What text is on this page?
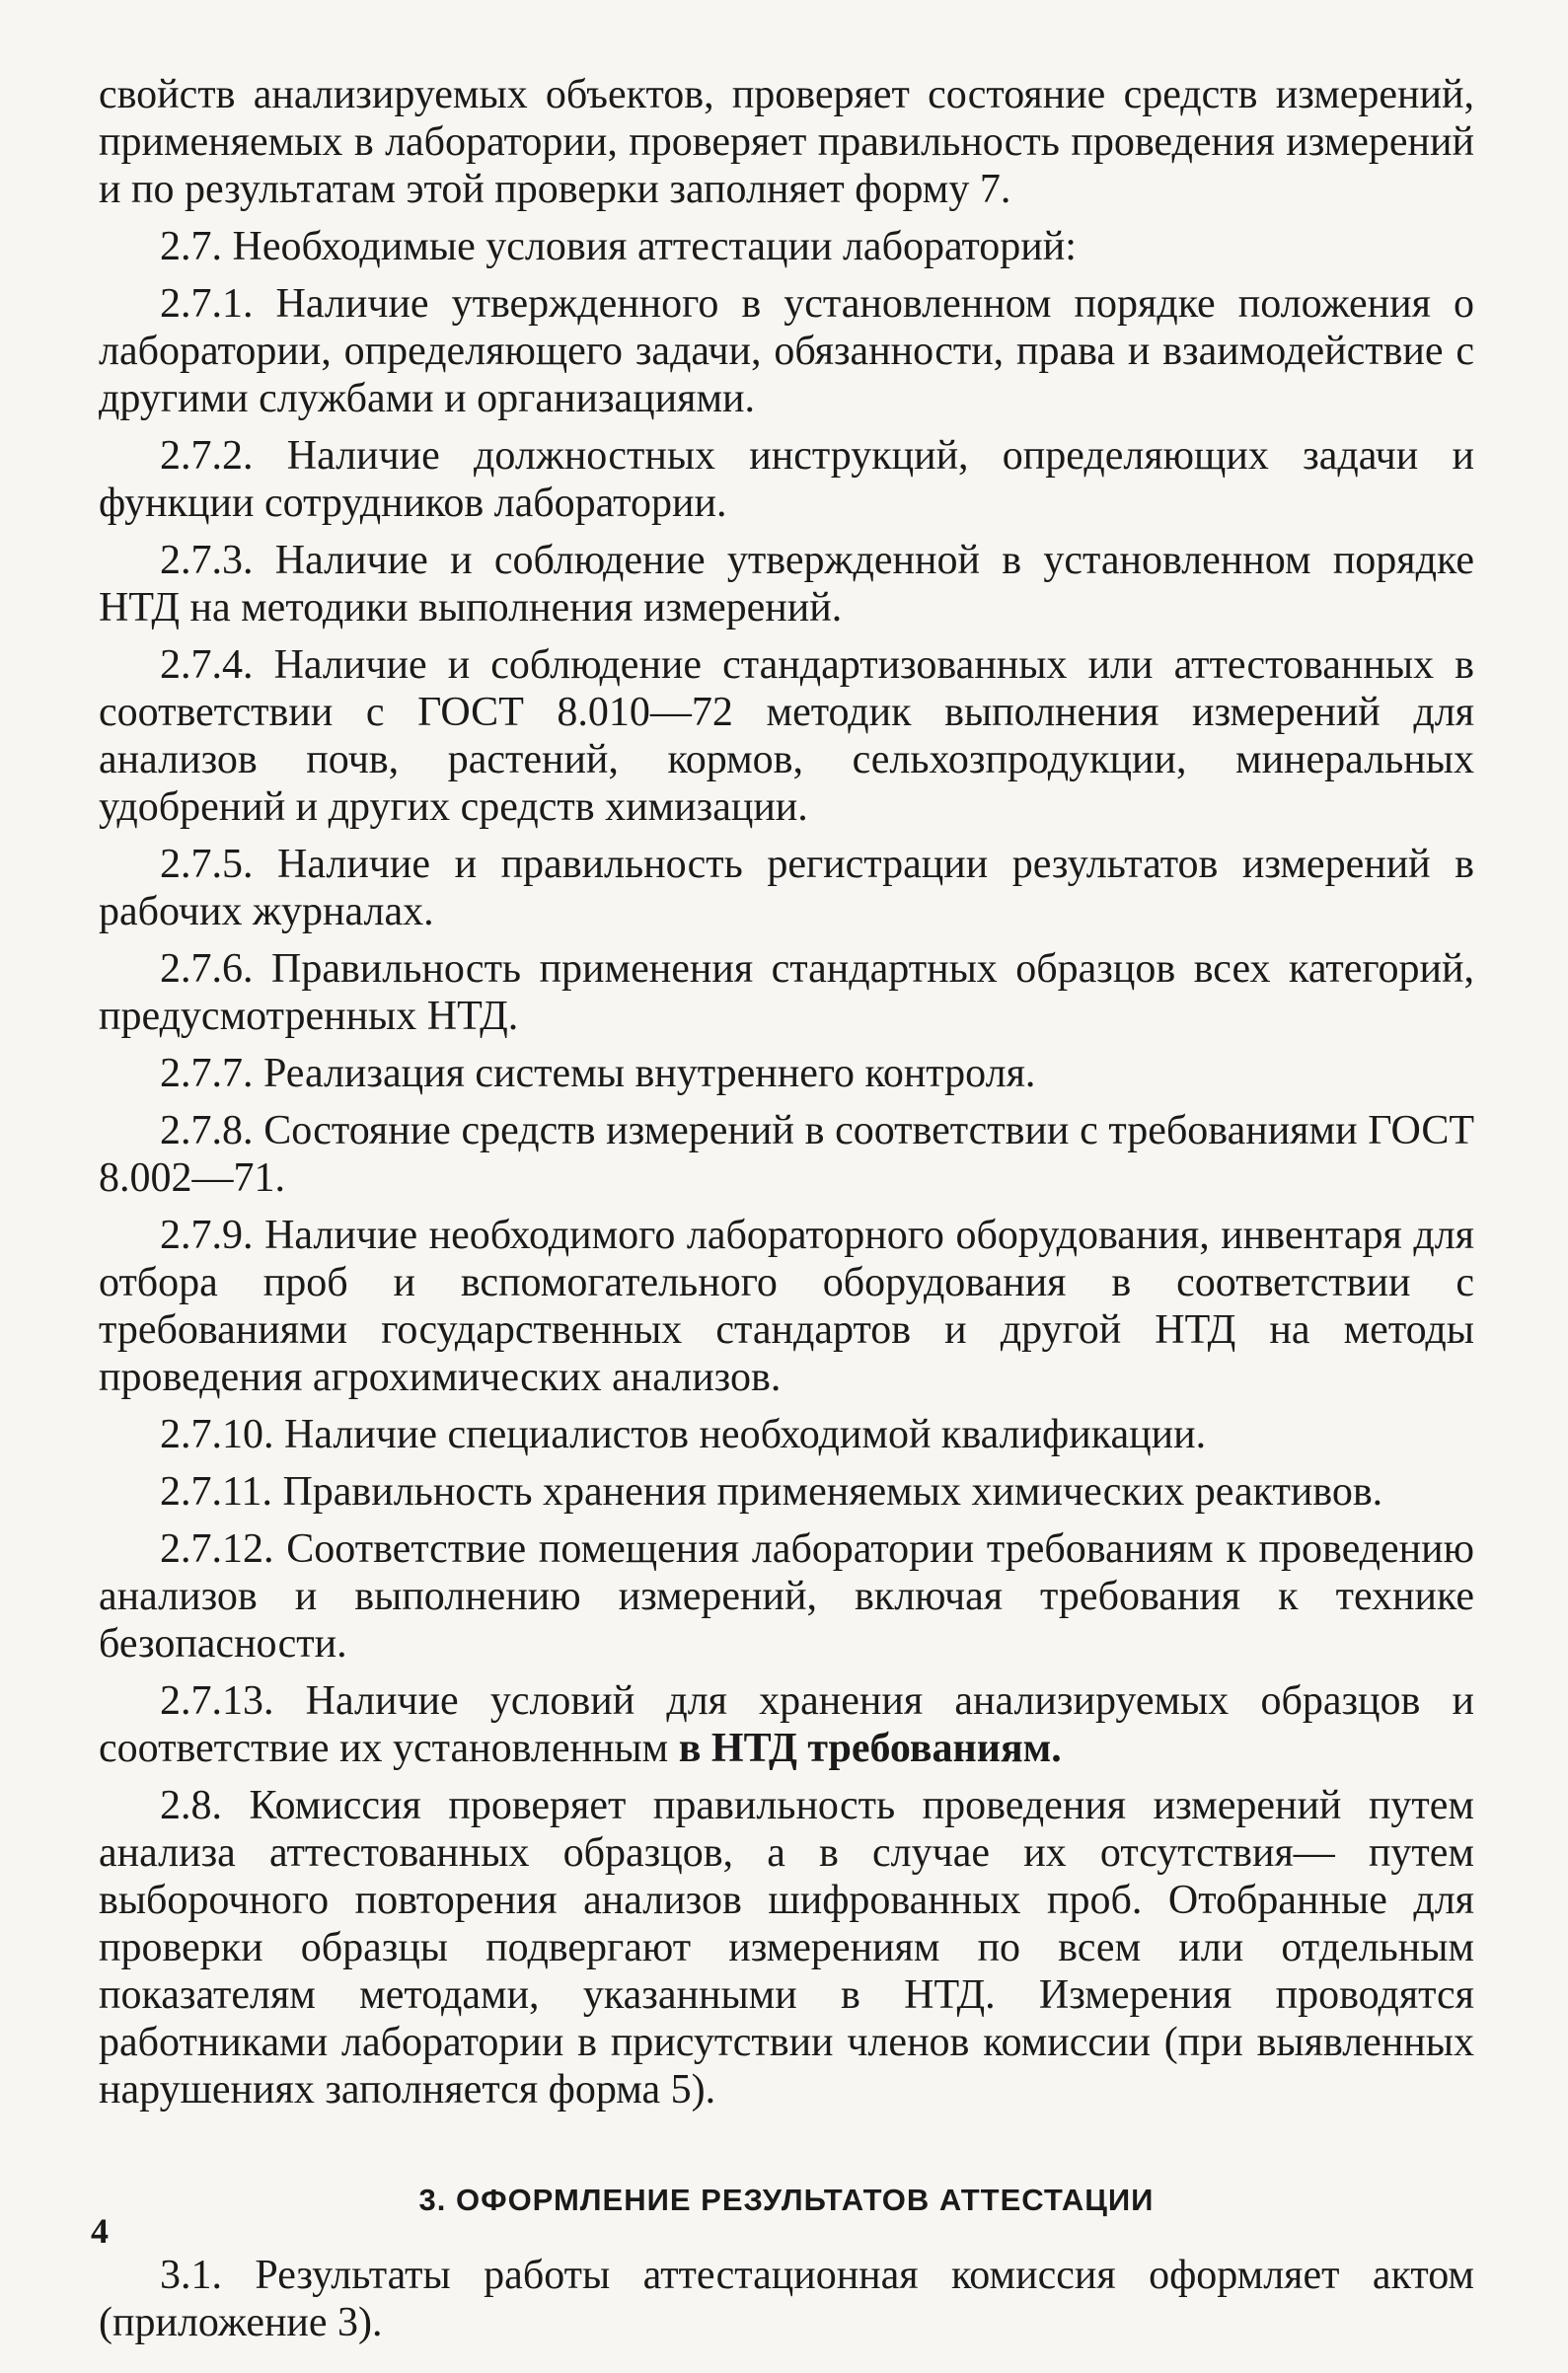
свойств анализируемых объектов, проверяет состояние средств измерений, применяемых в лаборатории, проверяет правильность проведения измерений и по результатам этой проверки заполняет форму 7.

2.7. Необходимые условия аттестации лабораторий:

2.7.1. Наличие утвержденного в установленном порядке положения о лаборатории, определяющего задачи, обязанности, права и взаимодействие с другими службами и организациями.

2.7.2. Наличие должностных инструкций, определяющих задачи и функции сотрудников лаборатории.

2.7.3. Наличие и соблюдение утвержденной в установленном порядке НТД на методики выполнения измерений.

2.7.4. Наличие и соблюдение стандартизованных или аттестованных в соответствии с ГОСТ 8.010—72 методик выполнения измерений для анализов почв, растений, кормов, сельхозпродукции, минеральных удобрений и других средств химизации.

2.7.5. Наличие и правильность регистрации результатов измерений в рабочих журналах.

2.7.6. Правильность применения стандартных образцов всех категорий, предусмотренных НТД.

2.7.7. Реализация системы внутреннего контроля.

2.7.8. Состояние средств измерений в соответствии с требованиями ГОСТ 8.002—71.

2.7.9. Наличие необходимого лабораторного оборудования, инвентаря для отбора проб и вспомогательного оборудования в соответствии с требованиями государственных стандартов и другой НТД на методы проведения агрохимических анализов.

2.7.10. Наличие специалистов необходимой квалификации.

2.7.11. Правильность хранения применяемых химических реактивов.

2.7.12. Соответствие помещения лаборатории требованиям к проведению анализов и выполнению измерений, включая требования к технике безопасности.

2.7.13. Наличие условий для хранения анализируемых образцов и соответствие их установленным в НТД требованиям.

2.8. Комиссия проверяет правильность проведения измерений путем анализа аттестованных образцов, а в случае их отсутствия— путем выборочного повторения анализов шифрованных проб. Отобранные для проверки образцы подвергают измерениям по всем или отдельным показателям методами, указанными в НТД. Измерения проводятся работниками лаборатории в присутствии членов комиссии (при выявленных нарушениях заполняется форма 5).

3. ОФОРМЛЕНИЕ РЕЗУЛЬТАТОВ АТТЕСТАЦИИ

3.1. Результаты работы аттестационная комиссия оформляет актом (приложение 3).

4
